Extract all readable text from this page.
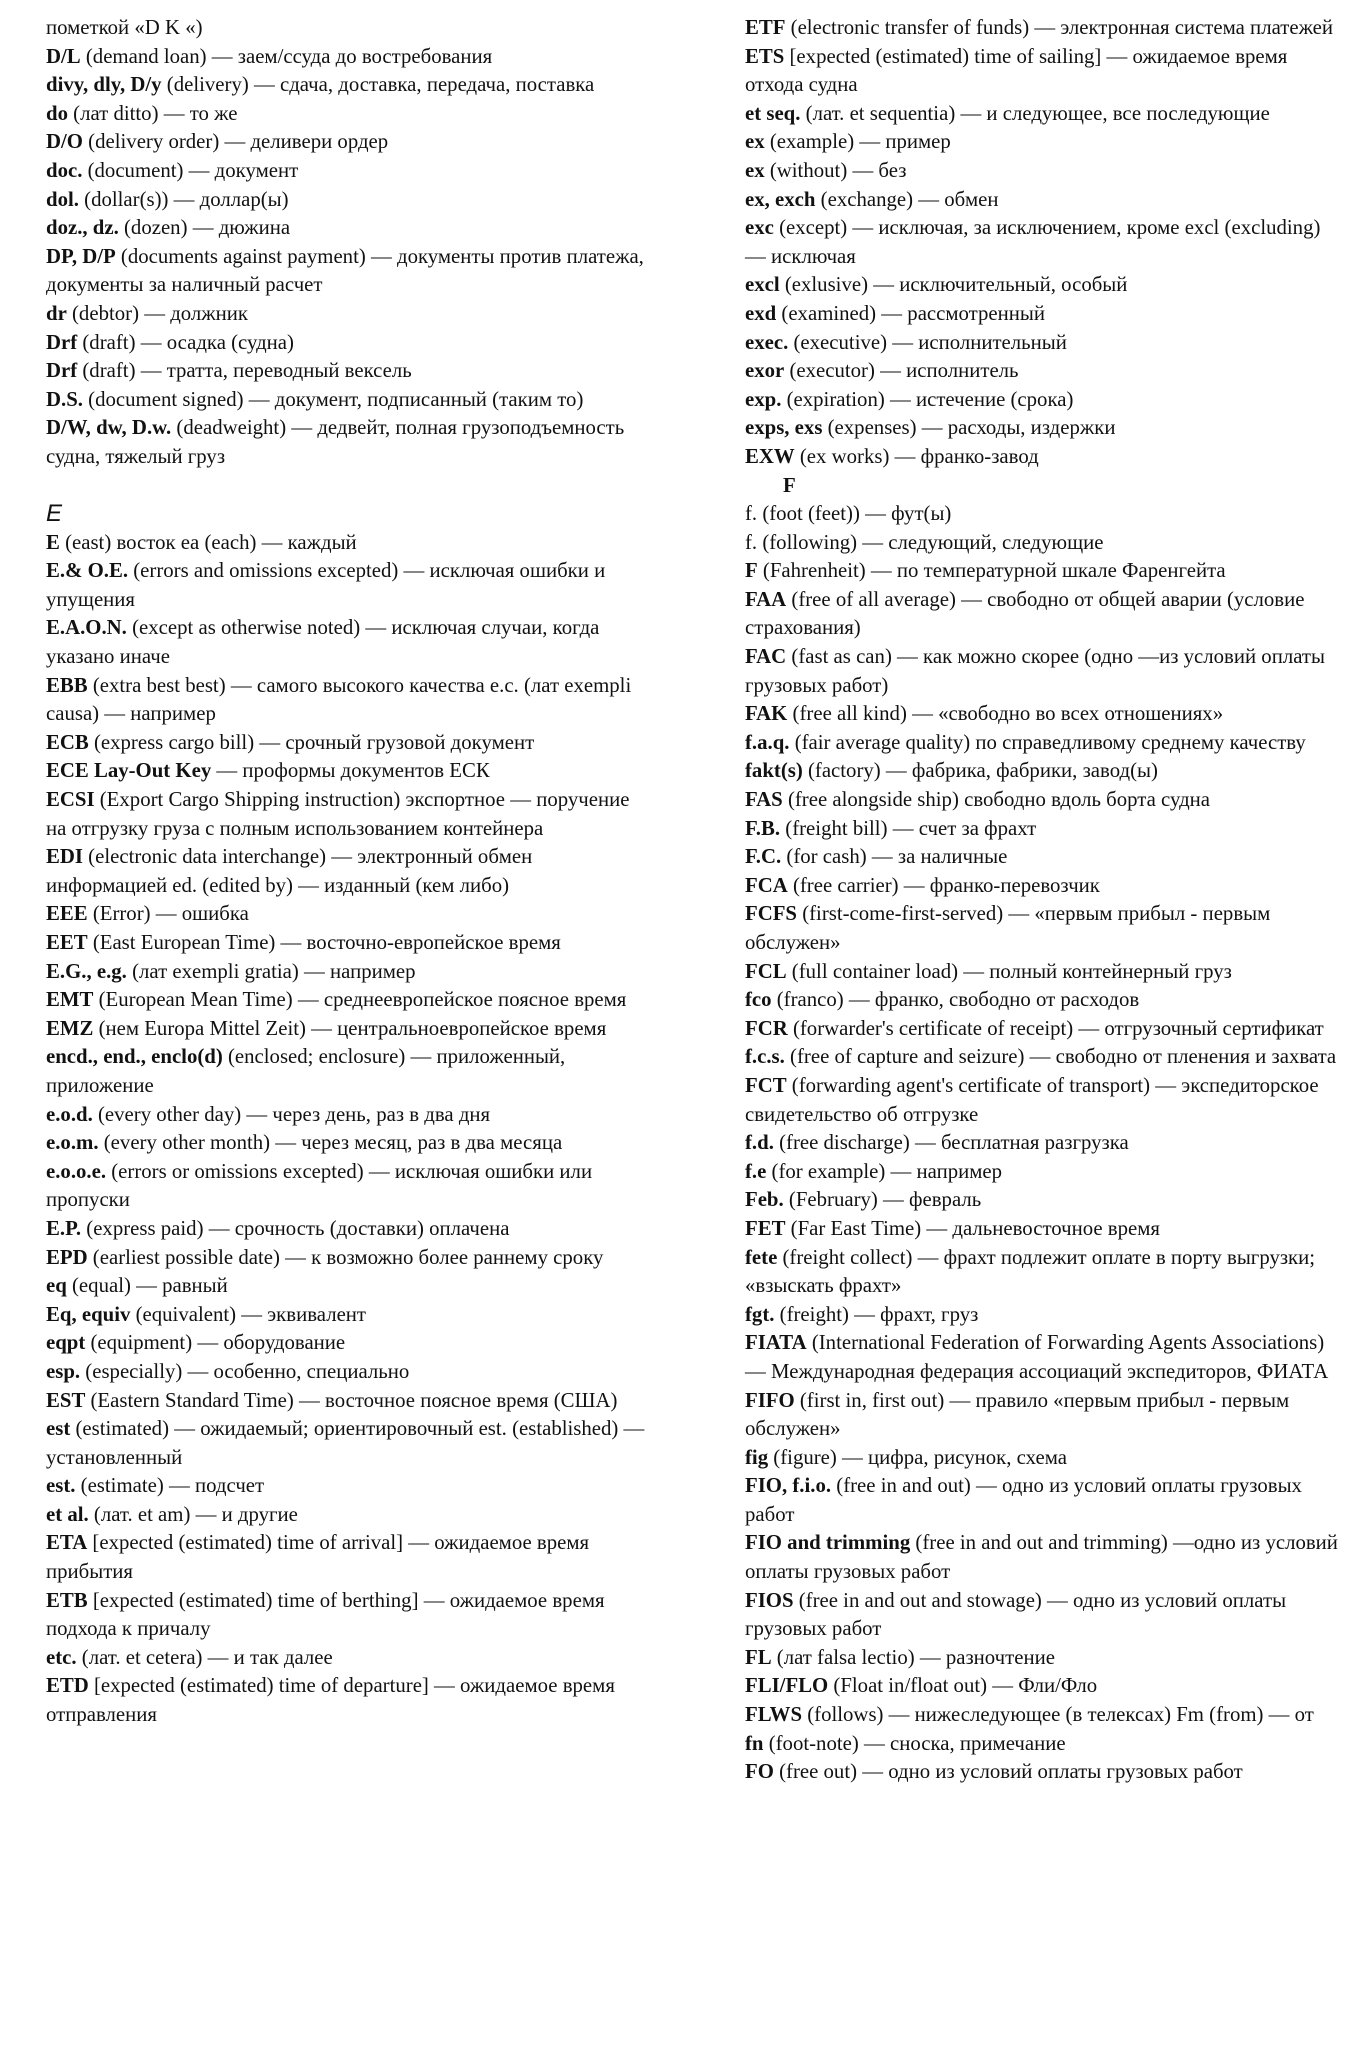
пометкой «D K «)

D/L (demand loan) — заем/ссуда до востребования

divy, dly, D/y (delivery) — сдача, доставка, передача, поставка

do (лат ditto) — то же

D/O (delivery order) — деливери ордер

doc. (document) — документ

dol. (dollar(s)) — доллар(ы)

doz., dz. (dozen) — дюжина

DP, D/P (documents against payment) — документы против платежа, документы за наличный расчет

dr (debtor) — должник

Drf (draft) — осадка (судна)

Drf (draft) — тратта, переводный вексель

D.S. (document signed) — документ, подписанный (таким то)

D/W, dw, D.w. (deadweight) — дедвейт, полная грузоподъемность судна, тяжелый груз

E

E (east) восток ea (each) — каждый

E.& O.E. (errors and omissions excepted) — исключая ошибки и упущения

E.A.O.N. (except as otherwise noted) — исключая случаи, когда указано иначе

EBB (extra best best) — самого высокого качества e.c. (лат exempli causa) — например

ECB (express cargo bill) — срочный грузовой документ

ECE Lay-Out Key — проформы документов ЕСК

ECSI (Export Cargo Shipping instruction) экспортное — поручение на отгрузку груза с полным использованием контейнера

EDI (electronic data interchange) — электронный обмен информацией ed. (edited by) — изданный (кем либо)

EEE (Error) — ошибка

EET (East European Time) — восточно-европейское время

E.G., e.g. (лат exempli gratia) — например

EMT (European Mean Time) — среднеевропейское поясное время

EMZ (нем Europa Mittel Zeit) — центральноевропейское время

encd., end., enclo(d) (enclosed; enclosure) — приложенный, приложение

e.o.d. (every other day) — через день, раз в два дня

e.o.m. (every other month) — через месяц, раз в два месяца

e.o.o.e. (errors or omissions excepted) — исключая ошибки или пропуски

E.P. (express paid) — срочность (доставки) оплачена

EPD (earliest possible date) — к возможно более раннему сроку

eq (equal) — равный

Eq, equiv (equivalent) — эквивалент

eqpt (equipment) — оборудование

esp. (especially) — особенно, специально

EST (Eastern Standard Time) — восточное поясное время (США)

est (estimated) — ожидаемый; ориентировочный est. (established) — установленный

est. (estimate) — подсчет

et al. (лат. et am) — и другие

ETA [expected (estimated) time of arrival] — ожидаемое время прибытия

ETB [expected (estimated) time of berthing] — ожидаемое время подхода к причалу

etc. (лат. et cetera) — и так далее

ETD [expected (estimated) time of departure] — ожидаемое время отправления

ETF (electronic transfer of funds) — электронная система платежей

ETS [expected (estimated) time of sailing] — ожидаемое время отхода судна

et seq. (лат. et sequentia) — и следующее, все последующие

ex (example) — пример

ex (without) — без

ex, exch (exchange) — обмен

exc (except) — исключая, за исключением, кроме excl (excluding) — исключая

excl (exlusive) — исключительный, особый

exd (examined) — рассмотренный

exec. (executive) — исполнительный

exor (executor) — исполнитель

exp. (expiration) — истечение (срока)

exps, exs (expenses) — расходы, издержки

EXW (ex works) — франко-завод

F

f. (foot (feet)) — фут(ы)

f. (following) — следующий, следующие

F (Fahrenheit) — по температурной шкале Фаренгейта

FAA (free of all average) — свободно от общей аварии (условие страхования)

FAC (fast as can) — как можно скорее (одно —из условий оплаты грузовых работ)

FAK (free all kind) — «свободно во всех отношениях»

f.a.q. (fair average quality) по справедливому среднему качеству

fakt(s) (factory) — фабрика, фабрики, завод(ы)

FAS (free alongside ship) свободно вдоль борта судна

F.B. (freight bill) — счет за фрахт

F.C. (for cash) — за наличные

FCA (free carrier) — франко-перевозчик

FCFS (first-come-first-served) — «первым прибыл - первым обслужен»

FCL (full container load) — полный контейнерный груз

fco (franco) — франко, свободно от расходов

FCR (forwarder's certificate of receipt) — отгрузочный сертификат

f.c.s. (free of capture and seizure) — свободно от пленения и захвата

FCT (forwarding agent's certificate of transport) — экспедиторское свидетельство об отгрузке

f.d. (free discharge) — бесплатная разгрузка

f.e (for example) — например

Feb. (February) — февраль

FET (Far East Time) — дальневосточное время

fete (freight collect) — фрахт подлежит оплате в порту выгрузки; «взыскать фрахт»

fgt. (freight) — фрахт, груз

FIATA (International Federation of Forwarding Agents Associations) — Международная федерация ассоциаций экспедиторов, ФИАТА

FIFO (first in, first out) — правило «первым прибыл - первым обслужен»

fig (figure) — цифра, рисунок, схема

FIO, f.i.o. (free in and out) — одно из условий оплаты грузовых работ

FIO and trimming (free in and out and trimming) —одно из условий оплаты грузовых работ

FIOS (free in and out and stowage) — одно из условий оплаты грузовых работ

FL (лат falsa lectio) — разночтение

FLI/FLO (Float in/float out) — Фли/Фло

FLWS (follows) — нижеследующее (в телексах) Fm (from) — от

fn (foot-note) — сноска, примечание

FO (free out) — одно из условий оплаты грузовых работ
